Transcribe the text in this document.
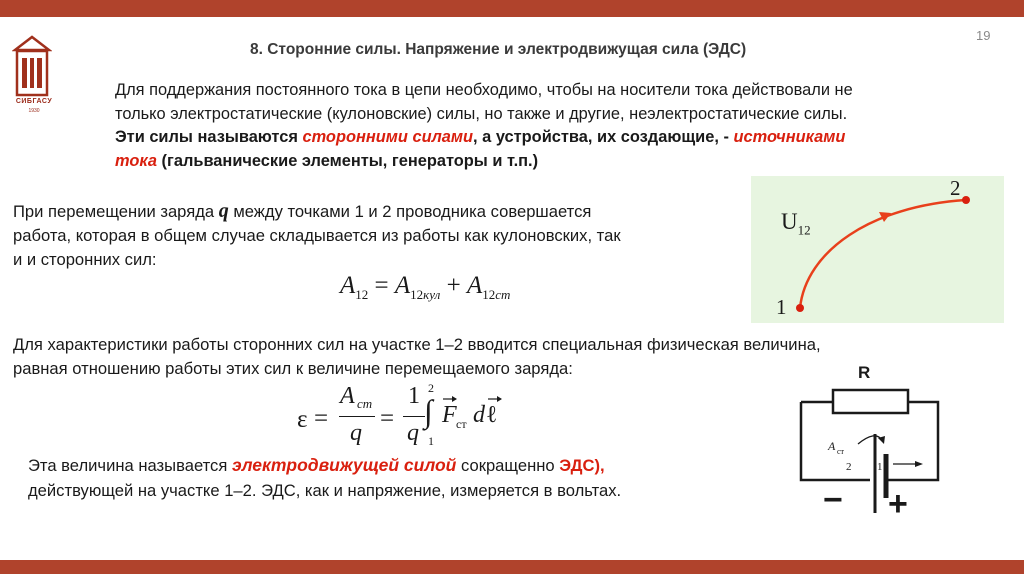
СИБГАСУ
1930
19
8. Сторонние силы. Напряжение и электродвижущая сила (ЭДС)
Для поддержания постоянного тока в цепи необходимо, чтобы на носители тока действовали не
только электростатические (кулоновские) силы, но также и другие, неэлектростатические силы.
Эти силы называются сторонними силами, а устройства, их создающие, - источниками
тока (гальванические элементы, генераторы и т.п.)
При перемещении заряда q между точками 1 и 2 проводника совершается
работа, которая в общем случае складывается из работы как кулоновских, так
и и сторонних сил:
$A_{12} = A_{12кул} + A_{12ст}$
$U_{12}$
2
1
Для характеристики работы сторонних сил на участке 1–2 вводится специальная физическая величина,
равная отношению работы этих сил к величине перемещаемого заряда:
ε =
A ст
q
=
1
q
2
∫
1
F ст d ℓ
Эта величина называется электродвижущей силой сокращенно ЭДС),
действующей на участке 1–2. ЭДС, как и напряжение, измеряется в вольтах.
R
A ст
2 1
− +
